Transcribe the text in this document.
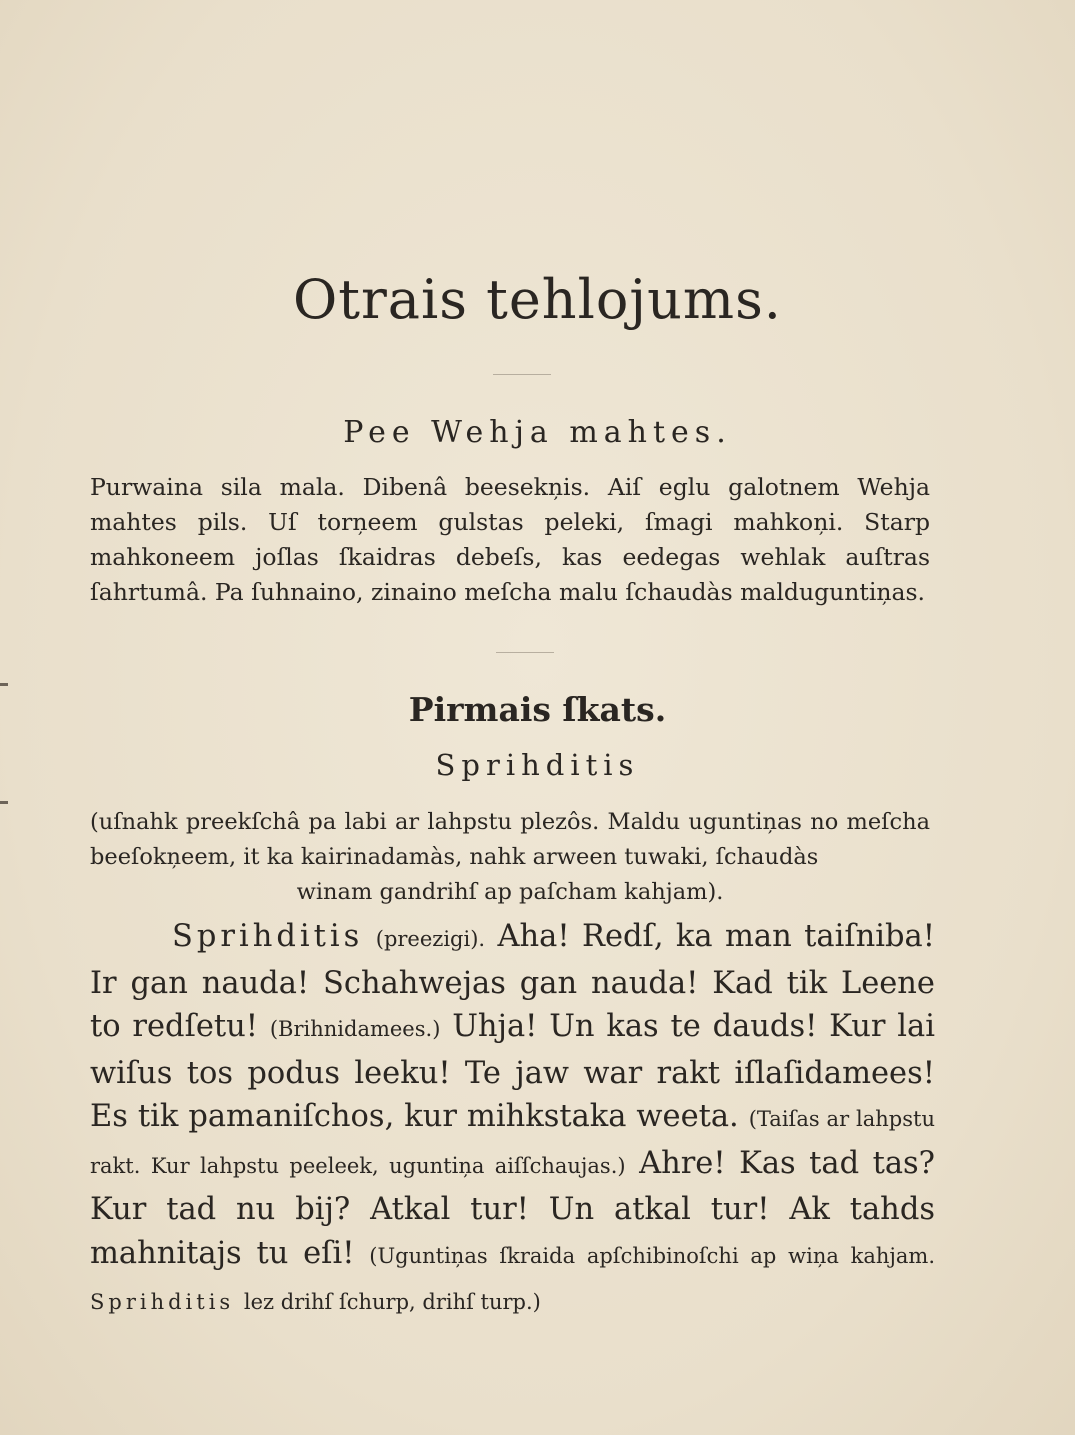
Otrais tehlojums.
Pee Wehja mahtes.
Purwaina sila mala. Dibenâ beesekņis. Aiſ eglu galotnem Wehja mahtes pils. Uſ torņeem gulstas peleki, ſmagi mahkoņi. Starp mahkoneem joſlas ſkaidras debeſs, kas eedegas wehlak auſtras ſahrtumâ. Pa ſuhnaino, zinaino meſcha malu ſchaudàs maldugunti̇ņas.
Pirmais ſkats.
Sprihditis
(uſnahk preekſchâ pa labi ar lahpstu plezôs. Maldu ugunti̇ņas no meſcha beeſokņeem, it ka kairinadamàs, nahk arween tuwaki, ſchaudàs
winam gandrihſ ap paſcham kahjam).
Sprihditis (preezigi). Aha! Redſ, ka man taiſniba! Ir gan nauda! Schahwejas gan nauda! Kad tik Leene to redſetu! (Brihnidamees.) Uhja! Un kas te dauds! Kur lai wiſus tos podus leeku! Te jaw war rakt iſlaſidamees! Es tik pamaniſchos, kur mihkstaka weeta. (Taiſas ar lahpstu rakt. Kur lahpstu peeleek, ugunti̇ņa aiſſchaujas.) Ahre! Kas tad tas? Kur tad nu bij? Atkal tur! Un atkal tur! Ak tahds mahnitajs tu eſi! (Ugunti̇ņas ſkraida apſchibinoſchi ap wiņa kahjam. Sprihditis lez drihſ ſchurp, drihſ turp.)
